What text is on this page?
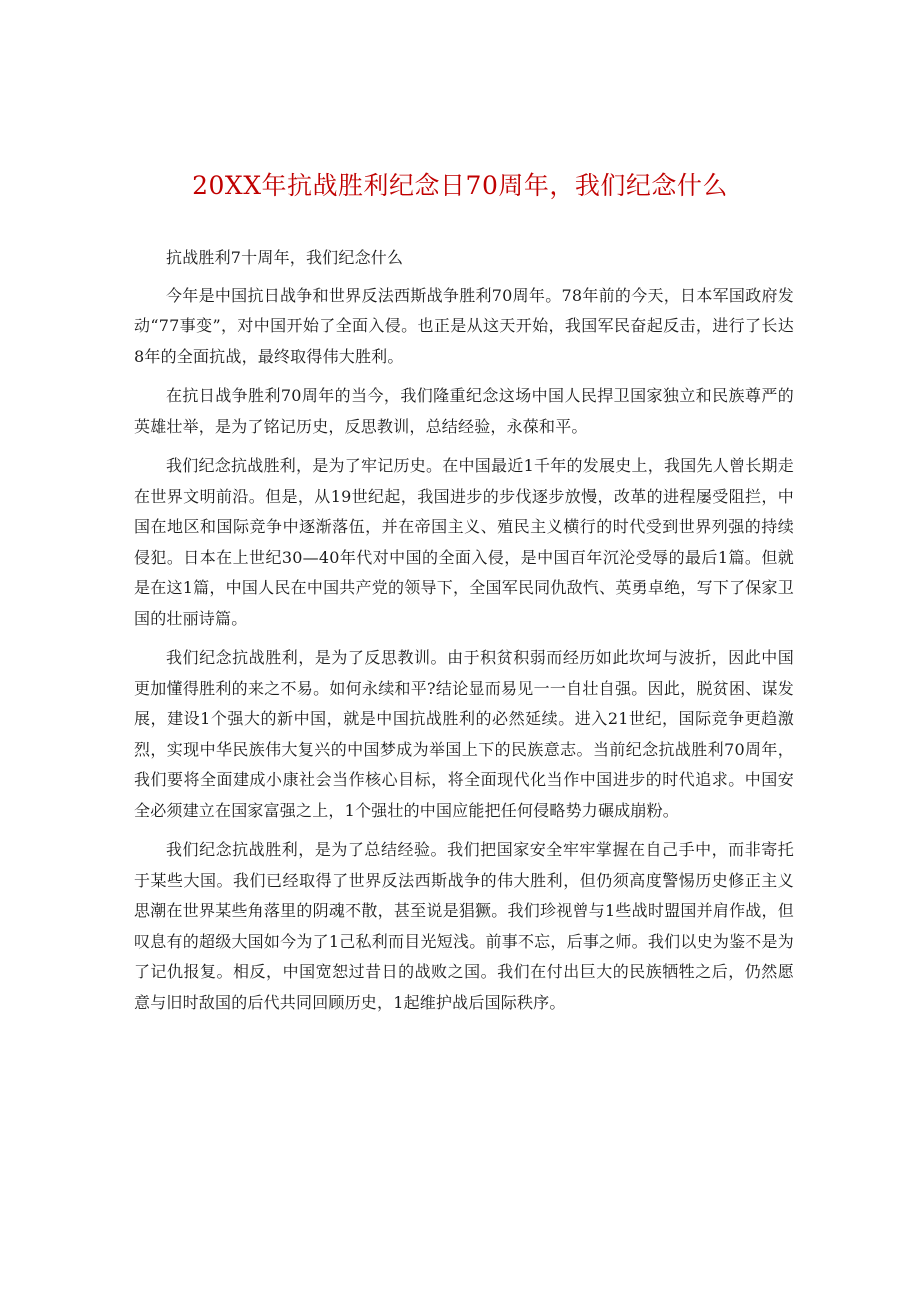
20XX年抗战胜利纪念日70周年，我们纪念什么

抗战胜利7十周年，我们纪念什么

今年是中国抗日战争和世界反法西斯战争胜利70周年。78年前的今天，日本军国政府发动“77事变”，对中国开始了全面入侵。也正是从这天开始，我国军民奋起反击，进行了长达8年的全面抗战，最终取得伟大胜利。

在抗日战争胜利70周年的当今，我们隆重纪念这场中国人民捍卫国家独立和民族尊严的英雄壮举，是为了铭记历史，反思教训，总结经验，永葆和平。

我们纪念抗战胜利，是为了牢记历史。在中国最近1千年的发展史上，我国先人曾长期走在世界文明前沿。但是，从19世纪起，我国进步的步伐逐步放慢，改革的进程屡受阻拦，中国在地区和国际竞争中逐渐落伍，并在帝国主义、殖民主义横行的时代受到世界列强的持续侵犯。日本在上世纪30—40年代对中国的全面入侵，是中国百年沉沦受辱的最后1篇。但就是在这1篇，中国人民在中国共产党的领导下，全国军民同仇敌忾、英勇卓绝，写下了保家卫国的壮丽诗篇。

我们纪念抗战胜利，是为了反思教训。由于积贫积弱而经历如此坎坷与波折，因此中国更加懂得胜利的来之不易。如何永续和平?结论显而易见一一自壮自强。因此，脱贫困、谋发展，建设1个强大的新中国，就是中国抗战胜利的必然延续。进入21世纪，国际竞争更趋激烈，实现中华民族伟大复兴的中国梦成为举国上下的民族意志。当前纪念抗战胜利70周年，我们要将全面建成小康社会当作核心目标，将全面现代化当作中国进步的时代追求。中国安全必须建立在国家富强之上，1个强壮的中国应能把任何侵略势力碾成崩粉。

我们纪念抗战胜利，是为了总结经验。我们把国家安全牢牢掌握在自己手中，而非寄托于某些大国。我们已经取得了世界反法西斯战争的伟大胜利，但仍须高度警惕历史修正主义思潮在世界某些角落里的阴魂不散，甚至说是猖獗。我们珍视曾与1些战时盟国并肩作战，但叹息有的超级大国如今为了1己私利而目光短浅。前事不忘，后事之师。我们以史为鉴不是为了记仇报复。相反，中国宽恕过昔日的战败之国。我们在付出巨大的民族牺牲之后，仍然愿意与旧时敌国的后代共同回顾历史，1起维护战后国际秩序。
